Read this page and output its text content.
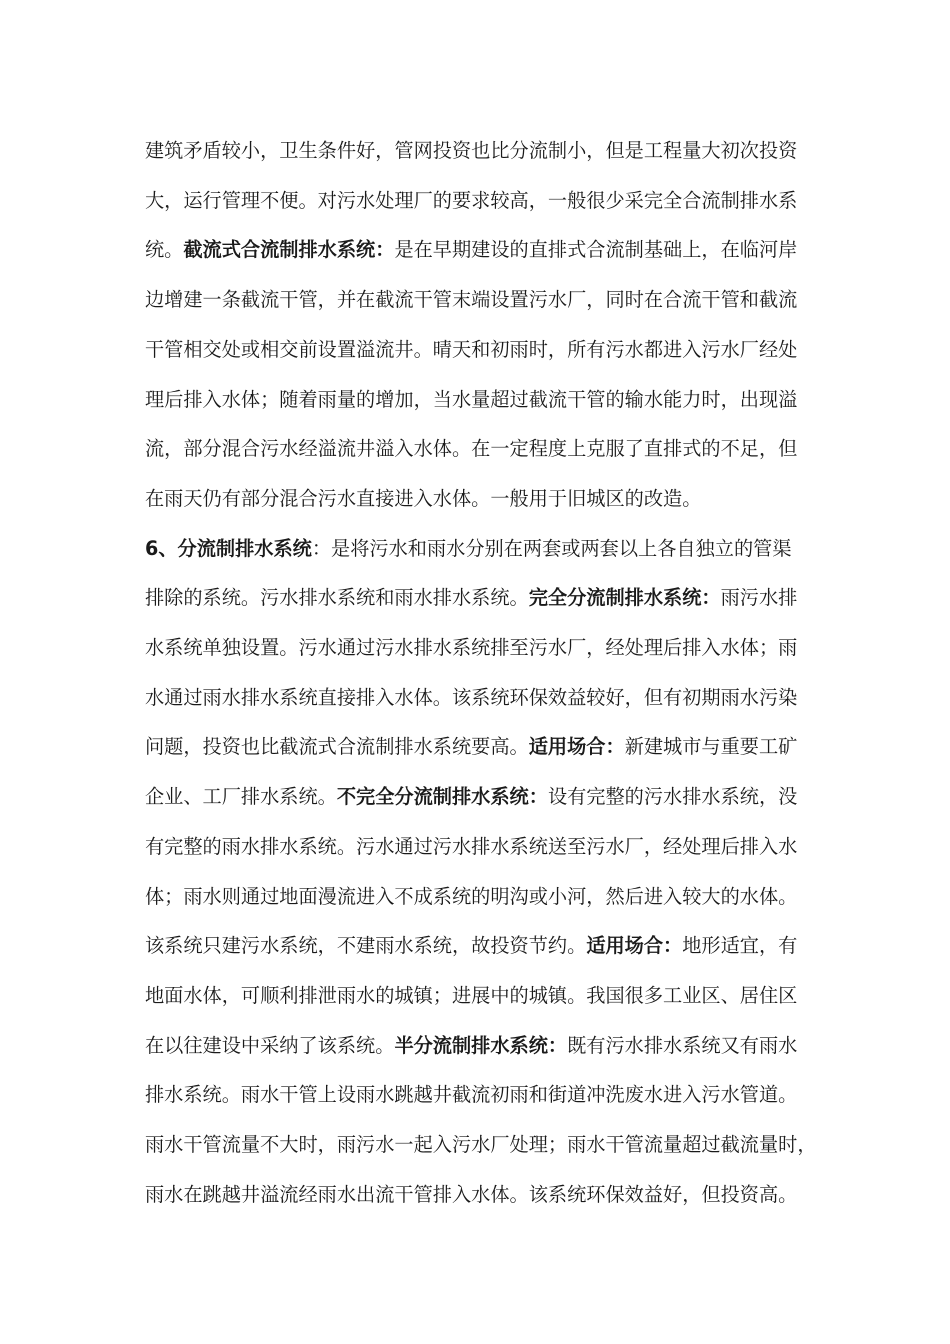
建筑矛盾较小，卫生条件好，管网投资也比分流制小，但是工程量大初次投资
大，运行管理不便。对污水处理厂的要求较高，一般很少采完全合流制排水系
统。截流式合流制排水系统：是在早期建设的直排式合流制基础上，在临河岸
边增建一条截流干管，并在截流干管末端设置污水厂，同时在合流干管和截流
干管相交处或相交前设置溢流井。晴天和初雨时，所有污水都进入污水厂经处
理后排入水体；随着雨量的增加，当水量超过截流干管的输水能力时，出现溢
流，部分混合污水经溢流井溢入水体。在一定程度上克服了直排式的不足，但
在雨天仍有部分混合污水直接进入水体。一般用于旧城区的改造。
6、分流制排水系统：是将污水和雨水分别在两套或两套以上各自独立的管渠
排除的系统。污水排水系统和雨水排水系统。完全分流制排水系统：雨污水排
水系统单独设置。污水通过污水排水系统排至污水厂，经处理后排入水体；雨
水通过雨水排水系统直接排入水体。该系统环保效益较好，但有初期雨水污染
问题，投资也比截流式合流制排水系统要高。适用场合：新建城市与重要工矿
企业、工厂排水系统。不完全分流制排水系统：设有完整的污水排水系统，没
有完整的雨水排水系统。污水通过污水排水系统送至污水厂，经处理后排入水
体；雨水则通过地面漫流进入不成系统的明沟或小河，然后进入较大的水体。
该系统只建污水系统，不建雨水系统，故投资节约。适用场合：地形适宜，有
地面水体，可顺利排泄雨水的城镇；进展中的城镇。我国很多工业区、居住区
在以往建设中采纳了该系统。半分流制排水系统：既有污水排水系统又有雨水
排水系统。雨水干管上设雨水跳越井截流初雨和街道冲洗废水进入污水管道。
雨水干管流量不大时，雨污水一起入污水厂处理；雨水干管流量超过截流量时，
雨水在跳越井溢流经雨水出流干管排入水体。该系统环保效益好，但投资高。
